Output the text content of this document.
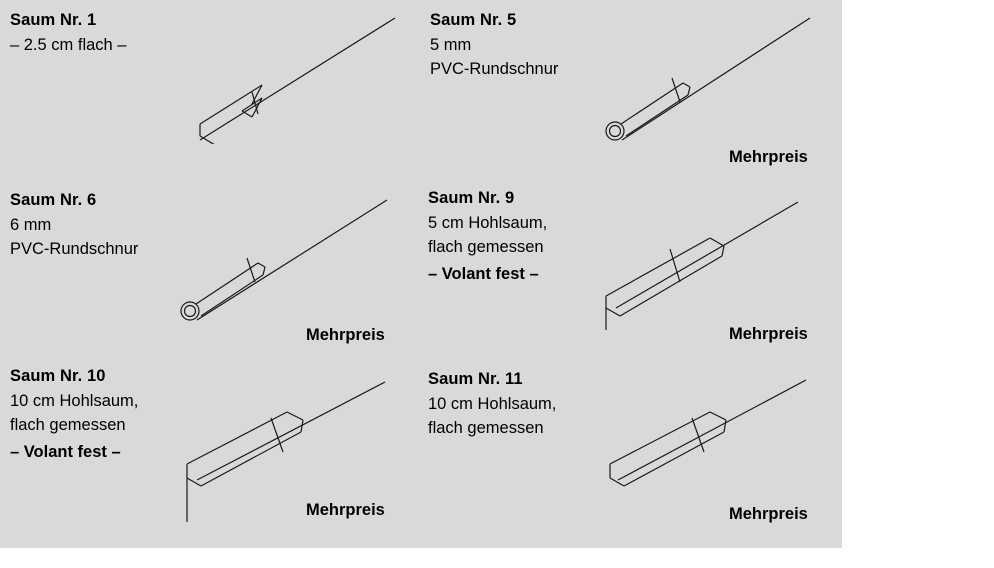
Saum Nr. 1
– 2.5 cm flach –
Saum Nr. 5
5 mm
PVC-Rundschnur
Mehrpreis
Saum Nr. 6
6 mm
PVC-Rundschnur
Mehrpreis
Saum Nr. 9
5 cm Hohlsaum,
flach gemessen
– Volant fest –
Mehrpreis
Saum Nr. 10
10 cm Hohlsaum,
flach gemessen
– Volant fest –
Mehrpreis
Saum Nr. 11
10 cm Hohlsaum,
flach gemessen
Mehrpreis
